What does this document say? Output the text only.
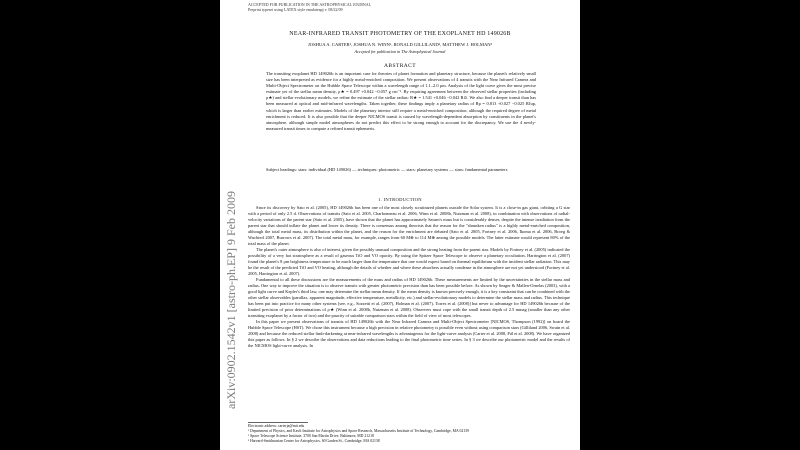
ACCEPTED FOR PUBLICATION IN THE ASTROPHYSICAL JOURNAL
Preprint typeset using LATEX style emulateapj v. 08/22/09
NEAR-INFRARED TRANSIT PHOTOMETRY OF THE EXOPLANET HD 149026B
JOSHUA A. CARTER¹, JOSHUA N. WINN¹, RONALD GILLILAND², MATTHEW J. HOLMAN³
Accepted for publication in The Astrophysical Journal
ABSTRACT

The transiting exoplanet HD 149026b is an important case for theories of planet formation and planetary structure, because the planet's relatively small size has been interpreted as evidence for a highly metal-enriched composition. We present observations of 4 transits with the Near Infrared Camera and Multi-Object Spectrometer on the Hubble Space Telescope within a wavelength range of 1.1–2.0 μm. Analysis of the light curve gives the most precise estimate yet of the stellar mean density, ρ★ = 0.497 +0.042 −0.057 g cm⁻³. By requiring agreement between the observed stellar properties (including ρ★) and stellar evolutionary models, we refine the estimate of the stellar radius: R★ = 1.541 +0.046 −0.042 R⊙. We also find a deeper transit than has been measured at optical and mid-infrared wavelengths. Taken together, these findings imply a planetary radius of Rp = 0.813 +0.027 −0.025 RJup, which is larger than earlier estimates. Models of the planetary interior still require a metal-enriched composition, although the required degree of metal enrichment is reduced. It is also possible that the deeper NICMOS transit is caused by wavelength-dependent absorption by constituents in the planet's atmosphere, although simple model atmospheres do not predict this effect to be strong enough to account for the discrepancy. We use the 4 newly-measured transit times to compute a refined transit ephemeris.

Subject headings: stars: individual (HD 149026) — techniques: photometric — stars: planetary systems — stars: fundamental parameters

1. INTRODUCTION

Since its discovery by Sato et al. (2005), HD 149026b has been one of the most closely scrutinized planets outside the Solar system. It is a close-in gas giant, orbiting a G star with a period of only 2.5 d. Observations of transits (Sato et al. 2005, Charbonneau et al. 2006, Winn et al. 2008b, Nutzman et al. 2008), in combination with observations of radial-velocity variations of the parent star (Sato et al. 2005), have shown that the planet has approximately Saturn's mass but is considerably denser, despite the intense irradiation from the parent star that should inflate the planet and lower its density. There is consensus among theorists that the reason for the "shrunken radius" is a highly metal-enriched composition, although the total metal mass, its distribution within the planet, and the reason for the enrichment are debated (Sato et al. 2005, Fortney et al. 2006, Ikoma et al. 2006, Broeg & Wuchterl 2007, Burrows et al. 2007). The total metal mass, for example, ranges from 60 M⊕ to 114 M⊕ among the possible models. The latter estimate would represent 80% of the total mass of the planet.

The planet's outer atmosphere is also of interest, given the possibly unusual composition and the strong heating from the parent star. Models by Fortney et al. (2005) indicated the possibility of a very hot stratosphere as a result of gaseous TiO and VO opacity. By using the Spitzer Space Telescope to observe a planetary occultation, Harrington et al. (2007) found the planet's 8 μm brightness temperature to be much larger than the temperature that one would expect based on thermal equilibrium with the incident stellar radiation. This may be the result of the predicted TiO and VO heating, although the details of whether and where these absorbers actually condense in the atmosphere are not yet understood (Fortney et al. 2005, Harrington et al. 2007).

Fundamental to all these discussions are the measurements of the mass and radius of HD 149026b. These measurements are limited by the uncertainties in the stellar mass and radius. One way to improve the situation is to observe transits with greater photometric precision than has been possible before. As shown by Seager & Mallen-Ornelas (2003), with a good light curve and Kepler's third law, one may determine the stellar mean density. If the mean density is known precisely enough, it is a key constraint that can be combined with the other stellar observables (parallax, apparent magnitude, effective temperature, metallicity, etc.) and stellar-evolutionary models to determine the stellar mass and radius. This technique has been put into practice for many other systems [see, e.g., Sozzetti et al. (2007), Holman et al. (2007), Torres et al. (2008)] but never to advantage for HD 149026b because of the limited precision of prior determinations of ρ★ (Winn et al. 2008b, Nutzman et al. 2008). Observers must cope with the small transit depth of 2.5 mmag (smaller than any other transiting exoplanet by a factor of two) and the paucity of suitable comparison stars within the field of view of most telescopes.

In this paper we present observations of transits of HD 149026b with the Near Infrared Camera and Multi-Object Spectrometer [NICMOS, Thompson (1992)] on board the Hubble Space Telescope (HST). We chose this instrument because a high precision in relative photometry is possible even without using comparison stars (Gilliland 2006, Swain et al. 2008) and because the reduced stellar limb-darkening at near-infrared wavelengths is advantageous for the light-curve analysis (Carter et al. 2008, Pál et al. 2008). We have organized this paper as follows. In § 2 we describe the observations and data reductions leading to the final photometric time series. In § 3 we describe our photometric model and the results of the NICMOS light-curve analysis. In

Electronic address: carterja@mit.edu
¹ Department of Physics, and Kavli Institute for Astrophysics and Space Research, Massachusetts Institute of Technology, Cambridge, MA 02139
² Space Telescope Science Institute, 3700 San Martin Drive, Baltimore, MD 21218
³ Harvard-Smithsonian Center for Astrophysics, 60 Garden St., Cambridge, MA 02138
arXiv:0902.1542v1 [astro-ph.EP] 9 Feb 2009
